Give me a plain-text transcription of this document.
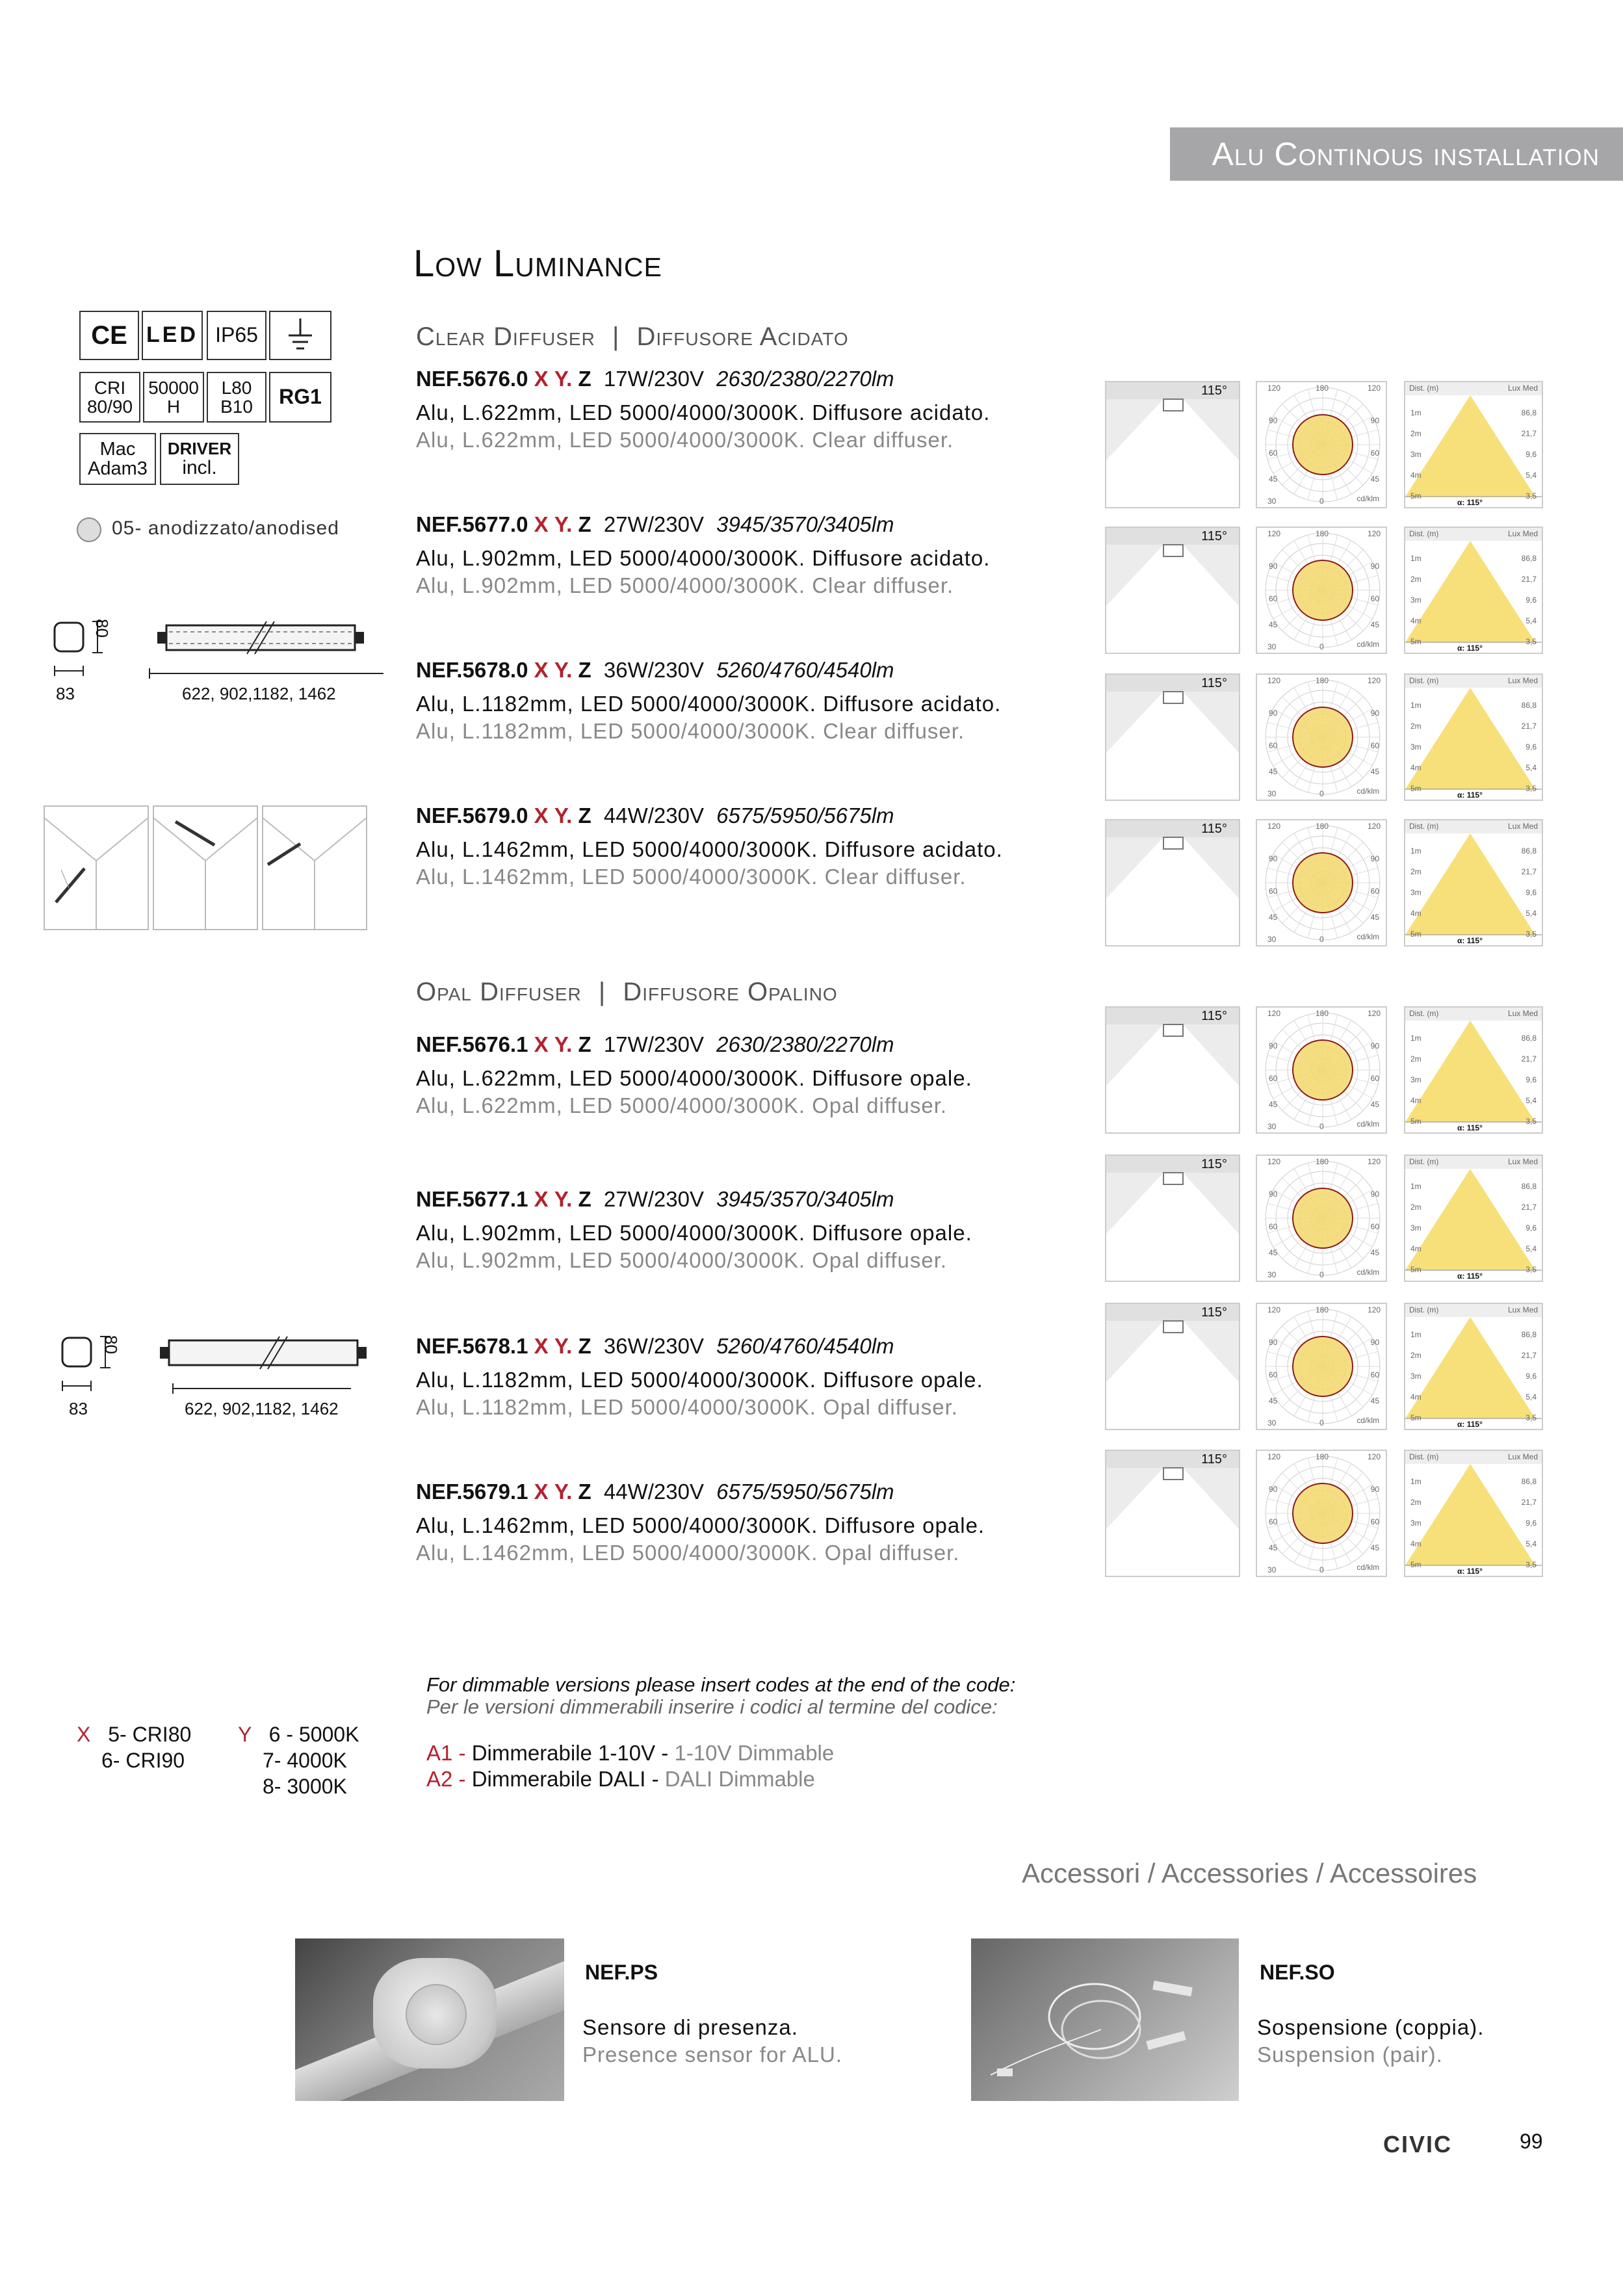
Alu Continous installation
Low Luminance
Clear Diffuser | Diffusore Acidato
Opal Diffuser | Diffusore Opalino
CE LED IP65
CRI 80/90
50000 H
L80 B10	RG1
Mac Adam3
DRIVER
incl.
05- anodizzato/anodised
80
83	622, 902,1182, 1462
80
83	622, 902,1182, 1462
NEF.5676.0 X Y. Z 17W/230V 2630/2380/2270lm
Alu, L.622mm, LED 5000/4000/3000K. Diffusore acidato.
Alu, L.622mm, LED 5000/4000/3000K. Clear diffuser.
NEF.5677.0 X Y. Z 27W/230V 3945/3570/3405lm
Alu, L.902mm, LED 5000/4000/3000K. Diffusore acidato.
Alu, L.902mm, LED 5000/4000/3000K. Clear diffuser.
NEF.5678.0 X Y. Z 36W/230V 5260/4760/4540lm
Alu, L.1182mm, LED 5000/4000/3000K. Diffusore acidato.
Alu, L.1182mm, LED 5000/4000/3000K. Clear diffuser.
NEF.5679.0 X Y. Z 44W/230V 6575/5950/5675lm
Alu, L.1462mm, LED 5000/4000/3000K. Diffusore acidato.
Alu, L.1462mm, LED 5000/4000/3000K. Clear diffuser.
NEF.5676.1 X Y. Z 17W/230V 2630/2380/2270lm
Alu, L.622mm, LED 5000/4000/3000K. Diffusore opale.
Alu, L.622mm, LED 5000/4000/3000K. Opal diffuser.
NEF.5677.1 X Y. Z 27W/230V 3945/3570/3405lm
Alu, L.902mm, LED 5000/4000/3000K. Diffusore opale.
Alu, L.902mm, LED 5000/4000/3000K. Opal diffuser.
NEF.5678.1 X Y. Z 36W/230V 5260/4760/4540lm
Alu, L.1182mm, LED 5000/4000/3000K. Diffusore opale.
Alu, L.1182mm, LED 5000/4000/3000K. Opal diffuser.
NEF.5679.1 X Y. Z 44W/230V 6575/5950/5675lm
Alu, L.1462mm, LED 5000/4000/3000K. Diffusore opale.
Alu, L.1462mm, LED 5000/4000/3000K. Opal diffuser.
X 5- CRI80
6- CRI90
Y 6 - 5000K
7- 4000K
8- 3000K
For dimmable versions please insert codes at the end of the code:
Per le versioni dimmerabili inserire i codici al termine del codice:
A1 - Dimmerabile 1-10V - 1-10V Dimmable
A2 - Dimmerabile DALI - DALI Dimmable
Accessori / Accessories / Accessoires
NEF.PS
Sensore di presenza.
Presence sensor for ALU.
NEF.SO
Sospensione (coppia).
Suspension (pair).
CIVIC	99
115°	120	180	120
90
60
45
90
60
45
30	0	cd/klm
Dist. (m)	Lux Med
1m	86,8
2m	21,7
3m	9,6
4m	5,4
5m	3,5
α: 115°
115°	120	180	120
90
60
45
90
60
45
30	0	cd/klm
Dist. (m)	Lux Med
1m	86,8
2m	21,7
3m	9,6
4m	5,4
5m	3,5
α: 115°
115°	120	180	120
90
60
45
90
60
45
30	0	cd/klm
Dist. (m)	Lux Med
1m	86,8
2m	21,7
3m	9,6
4m	5,4
5m	3,5
α: 115°
115°	120	180	120
90
60
45
90
60
45
30	0	cd/klm
Dist. (m)	Lux Med
1m	86,8
2m	21,7
3m	9,6
4m	5,4
5m	3,5
α: 115°
115°	120	180	120
90
60
45
90
60
45
30	0	cd/klm
Dist. (m)	Lux Med
1m	86,8
2m	21,7
3m	9,6
4m	5,4
5m	3,5
α: 115°
115°	120	180	120
90
60
45
90
60
45
30	0	cd/klm
Dist. (m)	Lux Med
1m	86,8
2m	21,7
3m	9,6
4m	5,4
5m	3,5
α: 115°
115°	120	180	120
90
60
45
90
60
45
30	0	cd/klm
Dist. (m)	Lux Med
1m	86,8
2m	21,7
3m	9,6
4m	5,4
5m	3,5
α: 115°
115°	120	180	120
90
60
45
90
60
45
30	0	cd/klm
Dist. (m)	Lux Med
1m	86,8
2m	21,7
3m	9,6
4m	5,4
5m	3,5
α: 115°
